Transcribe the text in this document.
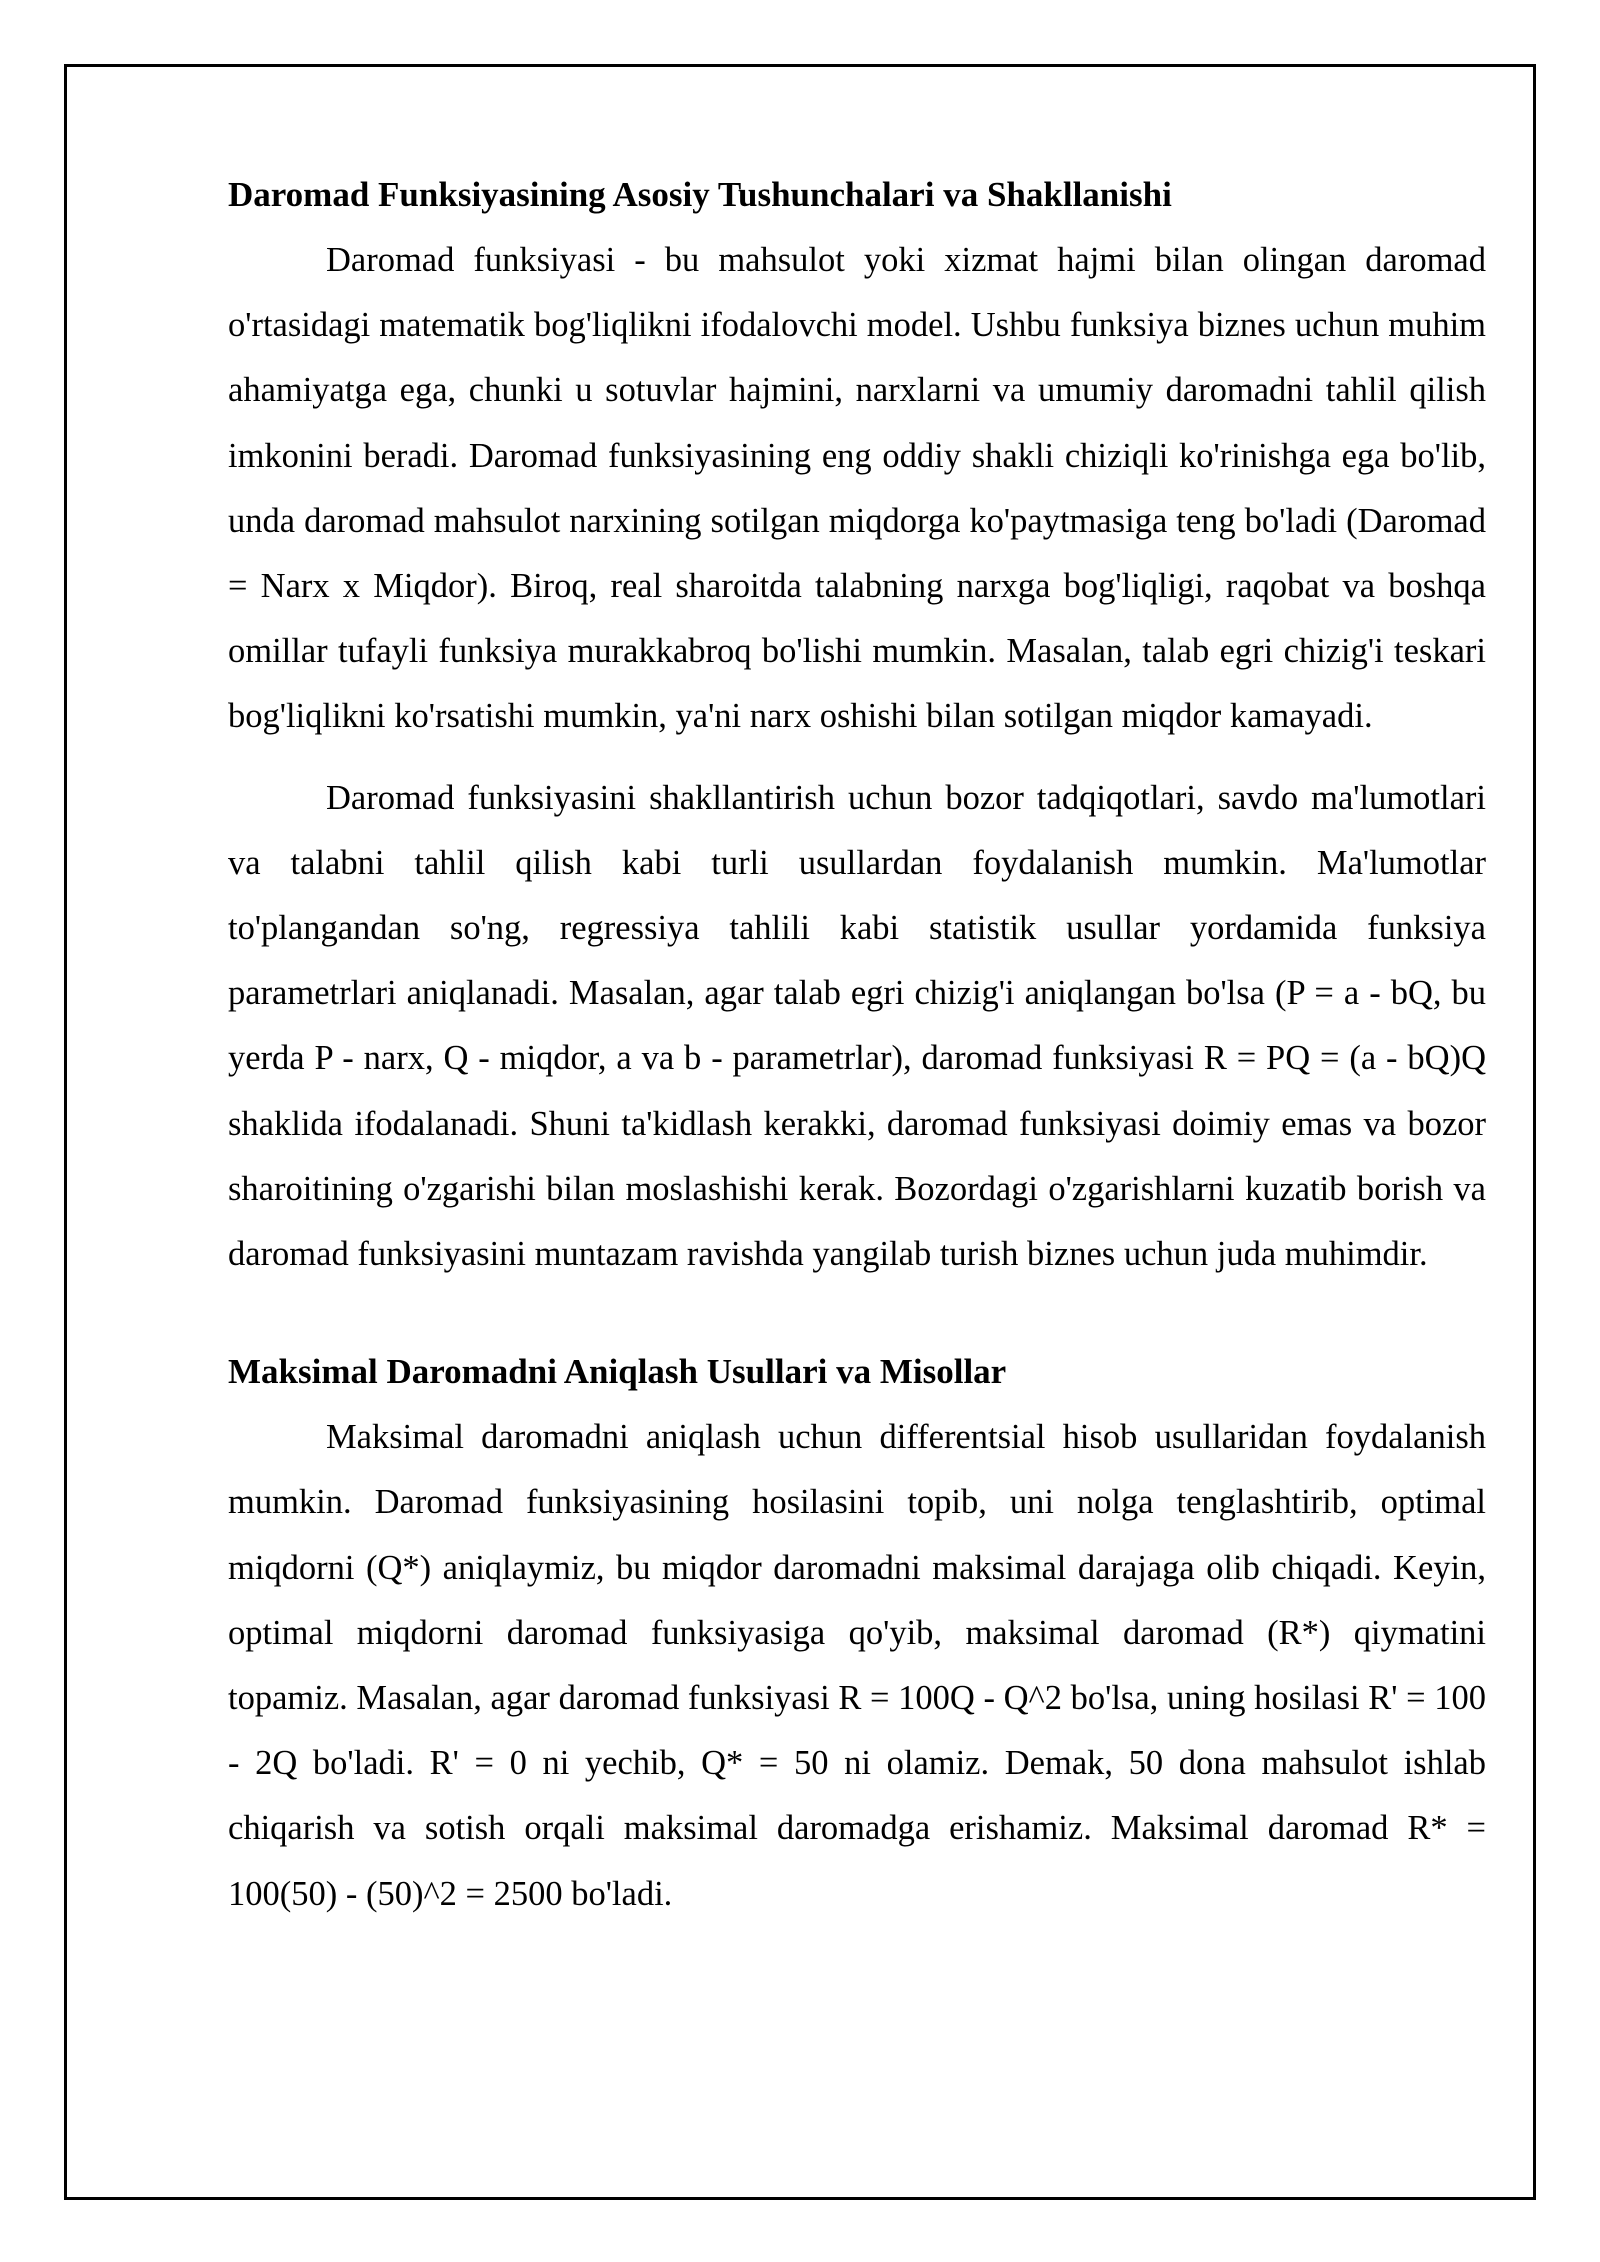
Daromad Funksiyasining Asosiy Tushunchalari va Shakllanishi

Daromad funksiyasi - bu mahsulot yoki xizmat hajmi bilan olingan daromad o'rtasidagi matematik bog'liqlikni ifodalovchi model. Ushbu funksiya biznes uchun muhim ahamiyatga ega, chunki u sotuvlar hajmini, narxlarni va umumiy daromadni tahlil qilish imkonini beradi. Daromad funksiyasining eng oddiy shakli chiziqli ko'rinishga ega bo'lib, unda daromad mahsulot narxining sotilgan miqdorga ko'paytmasiga teng bo'ladi (Daromad = Narx x Miqdor). Biroq, real sharoitda talabning narxga bog'liqligi, raqobat va boshqa omillar tufayli funksiya murakkabroq bo'lishi mumkin. Masalan, talab egri chizig'i teskari bog'liqlikni ko'rsatishi mumkin, ya'ni narx oshishi bilan sotilgan miqdor kamayadi.

Daromad funksiyasini shakllantirish uchun bozor tadqiqotlari, savdo ma'lumotlari va talabni tahlil qilish kabi turli usullardan foydalanish mumkin. Ma'lumotlar to'plangandan so'ng, regressiya tahlili kabi statistik usullar yordamida funksiya parametrlari aniqlanadi. Masalan, agar talab egri chizig'i aniqlangan bo'lsa (P = a - bQ, bu yerda P - narx, Q - miqdor, a va b - parametrlar), daromad funksiyasi R = PQ = (a - bQ)Q shaklida ifodalanadi. Shuni ta'kidlash kerakki, daromad funksiyasi doimiy emas va bozor sharoitining o'zgarishi bilan moslashishi kerak. Bozordagi o'zgarishlarni kuzatib borish va daromad funksiyasini muntazam ravishda yangilab turish biznes uchun juda muhimdir.

Maksimal Daromadni Aniqlash Usullari va Misollar

Maksimal daromadni aniqlash uchun differentsial hisob usullaridan foydalanish mumkin. Daromad funksiyasining hosilasini topib, uni nolga tenglashtirib, optimal miqdorni (Q*) aniqlaymiz, bu miqdor daromadni maksimal darajaga olib chiqadi. Keyin, optimal miqdorni daromad funksiyasiga qo'yib, maksimal daromad (R*) qiymatini topamiz. Masalan, agar daromad funksiyasi R = 100Q - Q^2 bo'lsa, uning hosilasi R' = 100 - 2Q bo'ladi. R' = 0 ni yechib, Q* = 50 ni olamiz. Demak, 50 dona mahsulot ishlab chiqarish va sotish orqali maksimal daromadga erishamiz. Maksimal daromad R* = 100(50) - (50)^2 = 2500 bo'ladi.
